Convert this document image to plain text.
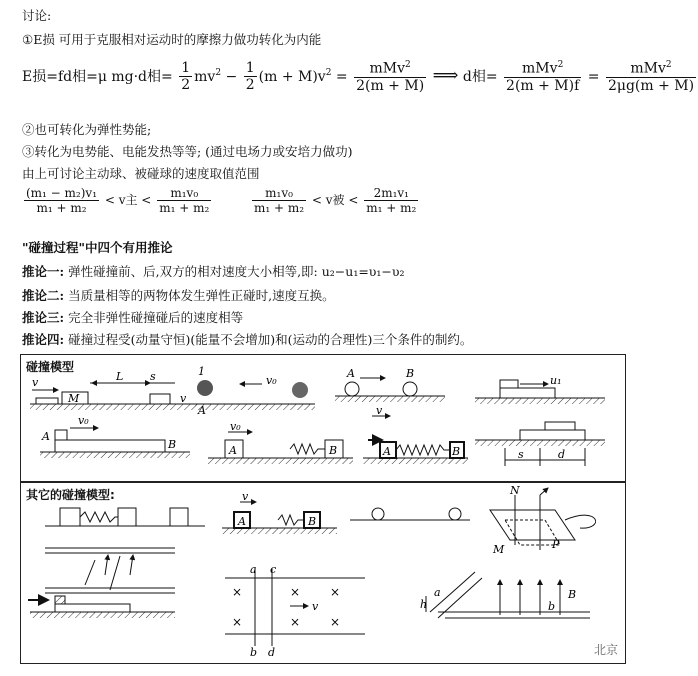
讨论:
①E损 可用于克服相对运动时的摩擦力做功转化为内能
E损=fd相=μ mg·d相= $\frac{1}{2} mv^2 - \frac{1}{2} (m + M)v^2 = \frac{mMv^2}{2(m + M)}$ ⟹ d相= $\frac{mMv^2}{2(m + M)f} = \frac{mMv^2}{2\mu g(m + M)}$
②也可转化为弹性势能;
③转化为电势能、电能发热等等; (通过电场力或安培力做功)
由上可讨论主动球、被碰球的速度取值范围
$\frac{\text{(m₁ − m₂)v₁}}{\text{m₁ + m₂}} < v$主 < $\frac{\text{m₁v₀}}{\text{m₁ + m₂}}$	$\frac{\text{m₁v₀}}{\text{m₁ + m₂}} < v$被 < $\frac{\text{2m₁v₁}}{\text{m₁ + m₂}}$
"碰撞过程"中四个有用推论
推论一: 弹性碰撞前、后,双方的相对速度大小相等,即: u₂−u₁=υ₁−υ₂
推论二: 当质量相等的两物体发生弹性正碰时,速度互换。
推论三: 完全非弹性碰撞碰后的速度相等
推论四: 碰撞过程受(动量守恒)(能量不会增加)和(运动的合理性)三个条件的制约。
碰撞模型
其它的碰撞模型:
v	L s
M	v
1
A
v₀
A	B
u₁
A
v₀
B
v₀
A	B
v
A	B	s	d
v
A	B
N
P
M
×
×
× ×
× ×
a c
b d
v
a
h	b
B
北京
